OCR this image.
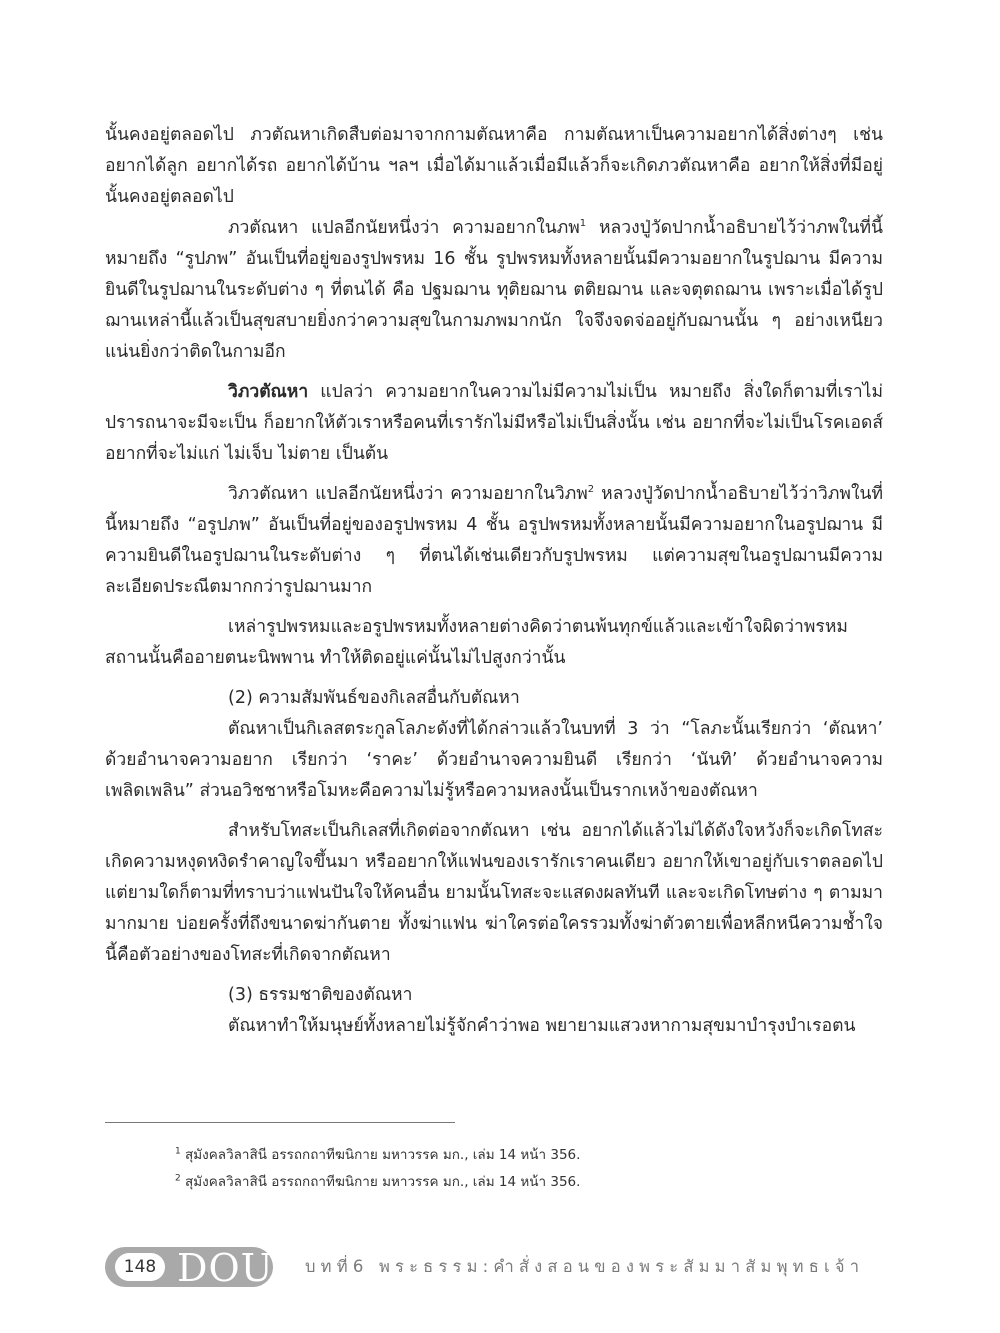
นั้นคงอยู่ตลอดไป ภวตัณหาเกิดสืบต่อมาจากกามตัณหาคือ กามตัณหาเป็นความอยากได้สิ่งต่างๆ เช่น อยากได้ลูก อยากได้รถ อยากได้บ้าน ฯลฯ เมื่อได้มาแล้วเมื่อมีแล้วก็จะเกิดภวตัณหาคือ อยากให้สิ่งที่มีอยู่นั้นคงอยู่ตลอดไป

ภวตัณหา แปลอีกนัยหนึ่งว่า ความอยากในภพ$^1$ หลวงปู่วัดปากน้ำอธิบายไว้ว่าภพในที่นี้หมายถึง “รูปภพ” อันเป็นที่อยู่ของรูปพรหม 16 ชั้น รูปพรหมทั้งหลายนั้นมีความอยากในรูปฌาน มีความยินดีในรูปฌานในระดับต่าง ๆ ที่ตนได้ คือ ปฐมฌาน ทุติยฌาน ตติยฌาน และจตุตถฌาน เพราะเมื่อได้รูปฌานเหล่านี้แล้วเป็นสุขสบายยิ่งกว่าความสุขในกามภพมากนัก ใจจึงจดจ่ออยู่กับฌานนั้น ๆ อย่างเหนียวแน่นยิ่งกว่าติดในกามอีก

วิภวตัณหา แปลว่า ความอยากในความไม่มีความไม่เป็น หมายถึง สิ่งใดก็ตามที่เราไม่ปรารถนาจะมีจะเป็น ก็อยากให้ตัวเราหรือคนที่เรารักไม่มีหรือไม่เป็นสิ่งนั้น เช่น อยากที่จะไม่เป็นโรคเอดส์ อยากที่จะไม่แก่ ไม่เจ็บ ไม่ตาย เป็นต้น

วิภวตัณหา แปลอีกนัยหนึ่งว่า ความอยากในวิภพ$^2$ หลวงปู่วัดปากน้ำอธิบายไว้ว่าวิภพในที่นี้หมายถึง “อรูปภพ” อันเป็นที่อยู่ของอรูปพรหม 4 ชั้น อรูปพรหมทั้งหลายนั้นมีความอยากในอรูปฌาน มีความยินดีในอรูปฌานในระดับต่าง ๆ ที่ตนได้เช่นเดียวกับรูปพรหม แต่ความสุขในอรูปฌานมีความละเอียดประณีตมากกว่ารูปฌานมาก

เหล่ารูปพรหมและอรูปพรหมทั้งหลายต่างคิดว่าตนพ้นทุกข์แล้วและเข้าใจผิดว่าพรหมสถานนั้นคืออายตนะนิพพาน ทำให้ติดอยู่แค่นั้นไม่ไปสูงกว่านั้น

(2) ความสัมพันธ์ของกิเลสอื่นกับตัณหา

ตัณหาเป็นกิเลสตระกูลโลภะดังที่ได้กล่าวแล้วในบทที่ 3 ว่า “โลภะนั้นเรียกว่า ‘ตัณหา’ ด้วยอำนาจความอยาก เรียกว่า ‘ราคะ’ ด้วยอำนาจความยินดี เรียกว่า ‘นันทิ’ ด้วยอำนาจความเพลิดเพลิน” ส่วนอวิชชาหรือโมหะคือความไม่รู้หรือความหลงนั้นเป็นรากเหง้าของตัณหา

สำหรับโทสะเป็นกิเลสที่เกิดต่อจากตัณหา เช่น อยากได้แล้วไม่ได้ดังใจหวังก็จะเกิดโทสะ เกิดความหงุดหงิดรำคาญใจขึ้นมา หรืออยากให้แฟนของเรารักเราคนเดียว อยากให้เขาอยู่กับเราตลอดไป แต่ยามใดก็ตามที่ทราบว่าแฟนปันใจให้คนอื่น ยามนั้นโทสะจะแสดงผลทันที และจะเกิดโทษต่าง ๆ ตามมามากมาย บ่อยครั้งที่ถึงขนาดฆ่ากันตาย ทั้งฆ่าแฟน ฆ่าใครต่อใครรวมทั้งฆ่าตัวตายเพื่อหลีกหนีความช้ำใจ นี้คือตัวอย่างของโทสะที่เกิดจากตัณหา

(3) ธรรมชาติของตัณหา

ตัณหาทำให้มนุษย์ทั้งหลายไม่รู้จักคำว่าพอ พยายามแสวงหากามสุขมาบำรุงบำเรอตน

$^1$ สุมังคลวิลาสินี อรรถกถาทีฆนิกาย มหาวรรค มก., เล่ม 14 หน้า 356.
$^2$ สุมังคลวิลาสินี อรรถกถาทีฆนิกาย มหาวรรค มก., เล่ม 14 หน้า 356.
148 DOU บทที่6 พระธรรม:คำสั่งสอนของพระสัมมาสัมพุทธเจ้า
